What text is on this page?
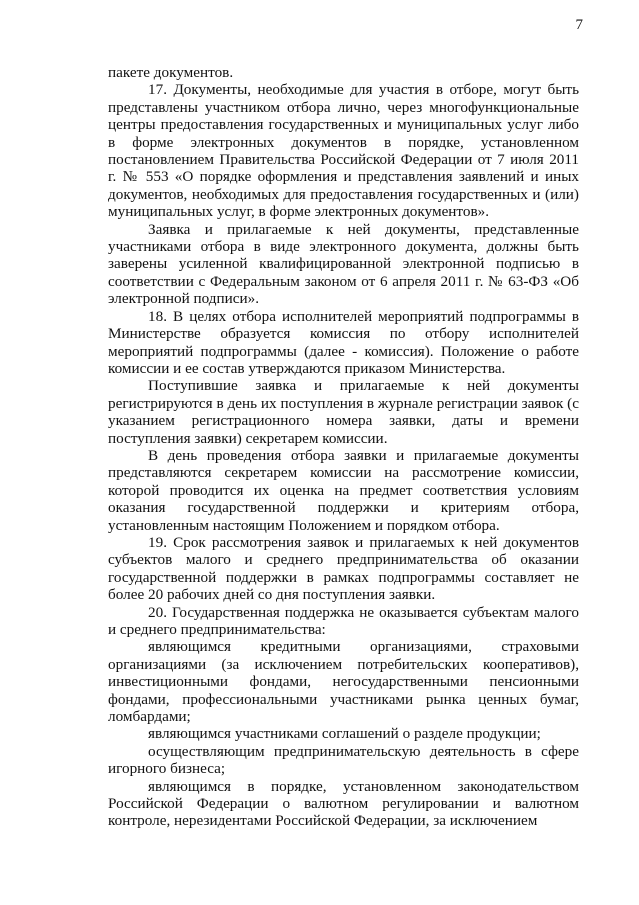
7

пакете документов.

17. Документы, необходимые для участия в отборе, могут быть представлены участником отбора лично, через многофункциональные центры предоставления государственных и муниципальных услуг либо в форме электронных документов в порядке, установленном постановлением Правительства Российской Федерации от 7 июля 2011 г. № 553 «О порядке оформления и представления заявлений и иных документов, необходимых для предоставления государственных и (или) муниципальных услуг, в форме электронных документов».

Заявка и прилагаемые к ней документы, представленные участниками отбора в виде электронного документа, должны быть заверены усиленной квалифицированной электронной подписью в соответствии с Федеральным законом от 6 апреля 2011 г. № 63-ФЗ «Об электронной подписи».

18. В целях отбора исполнителей мероприятий подпрограммы в Министерстве образуется комиссия по отбору исполнителей мероприятий подпрограммы (далее - комиссия). Положение о работе комиссии и ее состав утверждаются приказом Министерства.

Поступившие заявка и прилагаемые к ней документы регистрируются в день их поступления в журнале регистрации заявок (с указанием регистрационного номера заявки, даты и времени поступления заявки) секретарем комиссии.

В день проведения отбора заявки и прилагаемые документы представляются секретарем комиссии на рассмотрение комиссии, которой проводится их оценка на предмет соответствия условиям оказания государственной поддержки и критериям отбора, установленным настоящим Положением и порядком отбора.

19. Срок рассмотрения заявок и прилагаемых к ней документов субъектов малого и среднего предпринимательства об оказании государственной поддержки в рамках подпрограммы составляет не более 20 рабочих дней со дня поступления заявки.

20. Государственная поддержка не оказывается субъектам малого и среднего предпринимательства:

являющимся кредитными организациями, страховыми организациями (за исключением потребительских кооперативов), инвестиционными фондами, негосударственными пенсионными фондами, профессиональными участниками рынка ценных бумаг, ломбардами;

являющимся участниками соглашений о разделе продукции;

осуществляющим предпринимательскую деятельность в сфере игорного бизнеса;

являющимся в порядке, установленном законодательством Российской Федерации о валютном регулировании и валютном контроле, нерезидентами Российской Федерации, за исключением
